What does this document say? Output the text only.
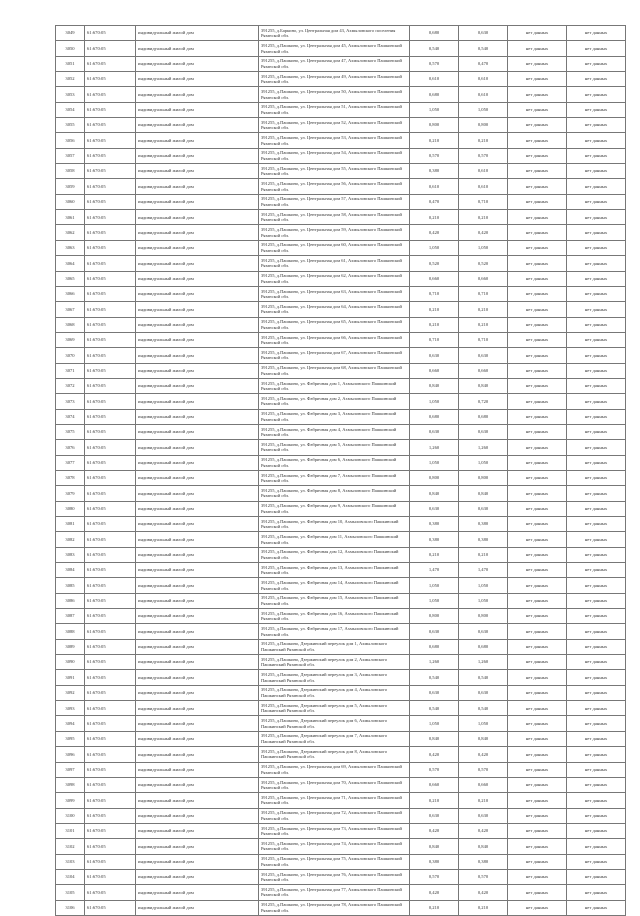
3049	61:670:05	индивидуальный жилой дом	391255, д.Баркино, ул. Центральная дом 43, Ахмыловского поселения Рязанской обл.	0,680	0,630	нет данных	нет данных
3050	61:670:05	индивидуальный жилой дом	391255, д.Пашкино, ул. Центральная дом 45, Ахмыловского Пашкинский Рязанской обл.	0,540	0,540	нет данных	нет данных
3051	61:670:05	индивидуальный жилой дом	391255, д.Пашкино, ул. Центральная дом 47, Ахмыловского Пашкинский Рязанской обл.	0,570	0,470	нет данных	нет данных
3052	61:670:05	индивидуальный жилой дом	391255, д.Пашкино, ул. Центральная дом 49, Ахмыловского Пашкинский Рязанской обл.	0,610	0,610	нет данных	нет данных
3053	61:670:05	индивидуальный жилой дом	391255, д.Пашкино, ул. Центральная дом 50, Ахмыловского Пашкинский Рязанской обл.	0,680	0,610	нет данных	нет данных
3054	61:670:05	индивидуальный жилой дом	391255, д.Пашкино, ул. Центральная дом 51, Ахмыловского Пашкинский Рязанской обл.	1,050	1,050	нет данных	нет данных
3055	61:670:05	индивидуальный жилой дом	391255, д.Пашкино, ул. Центральная дом 52, Ахмыловского Пашкинский Рязанской обл.	0,800	0,800	нет данных	нет данных
3056	61:670:05	индивидуальный жилой дом	391255, д.Пашкино, ул. Центральная дом 53, Ахмыловского Пашкинский Рязанской обл.	0,210	0,210	нет данных	нет данных
3057	61:670:05	индивидуальный жилой дом	391255, д.Пашкино, ул. Центральная дом 54, Ахмыловского Пашкинский Рязанской обл.	0,570	0,570	нет данных	нет данных
3058	61:670:05	индивидуальный жилой дом	391255, д.Пашкино, ул. Центральная дом 55, Ахмыловского Пашкинский Рязанской обл.	0,380	0,610	нет данных	нет данных
3059	61:670:05	индивидуальный жилой дом	391255, д.Пашкино, ул. Центральная дом 56, Ахмыловского Пашкинский Рязанской обл.	0,610	0,610	нет данных	нет данных
3060	61:670:05	индивидуальный жилой дом	391255, д.Пашкино, ул. Центральная дом 57, Ахмыловского Пашкинский Рязанской обл.	0,470	0,710	нет данных	нет данных
3061	61:670:05	индивидуальный жилой дом	391255, д.Пашкино, ул. Центральная дом 58, Ахмыловского Пашкинский Рязанской обл.	0,210	0,210	нет данных	нет данных
3062	61:670:05	индивидуальный жилой дом	391255, д.Пашкино, ул. Центральная дом 59, Ахмыловского Пашкинский Рязанской обл.	0,420	0,420	нет данных	нет данных
3063	61:670:05	индивидуальный жилой дом	391255, д.Пашкино, ул. Центральная дом 60, Ахмыловского Пашкинский Рязанской обл.	1,050	1,050	нет данных	нет данных
3064	61:670:05	индивидуальный жилой дом	391255, д.Пашкино, ул. Центральная дом 61, Ахмыловского Пашкинский Рязанской обл.	0,520	0,520	нет данных	нет данных
3065	61:670:05	индивидуальный жилой дом	391255, д.Пашкино, ул. Центральная дом 62, Ахмыловского Пашкинский Рязанской обл.	0,660	0,660	нет данных	нет данных
3066	61:670:05	индивидуальный жилой дом	391255, д.Пашкино, ул. Центральная дом 63, Ахмыловского Пашкинский Рязанской обл.	0,710	0,710	нет данных	нет данных
3067	61:670:05	индивидуальный жилой дом	391255, д.Пашкино, ул. Центральная дом 64, Ахмыловского Пашкинский Рязанской обл.	0,210	0,210	нет данных	нет данных
3068	61:670:05	индивидуальный жилой дом	391255, д.Пашкино, ул. Центральная дом 65, Ахмыловского Пашкинский Рязанской обл.	0,210	0,210	нет данных	нет данных
3069	61:670:05	индивидуальный жилой дом	391255, д.Пашкино, ул. Центральная дом 66, Ахмыловского Пашкинский Рязанской обл.	0,710	0,710	нет данных	нет данных
3070	61:670:05	индивидуальный жилой дом	391255, д.Пашкино, ул. Центральная дом 67, Ахмыловского Пашкинский Рязанской обл.	0,630	0,630	нет данных	нет данных
3071	61:670:05	индивидуальный жилой дом	391255, д.Пашкино, ул. Центральная дом 68, Ахмыловского Пашкинский Рязанской обл.	0,660	0,660	нет данных	нет данных
3072	61:670:05	индивидуальный жилой дом	391255, д.Пашкино, ул. Фабричная дом 1, Ахмыловского Пашкинский Рязанской обл.	0,840	0,840	нет данных	нет данных
3073	61:670:05	индивидуальный жилой дом	391255, д.Пашкино, ул. Фабричная дом 2, Ахмыловского Пашкинский Рязанской обл.	1,050	0,720	нет данных	нет данных
3074	61:670:05	индивидуальный жилой дом	391255, д.Пашкино, ул. Фабричная дом 3, Ахмыловского Пашкинский Рязанской обл.	0,680	0,680	нет данных	нет данных
3075	61:670:05	индивидуальный жилой дом	391255, д.Пашкино, ул. Фабричная дом 4, Ахмыловского Пашкинский Рязанской обл.	0,630	0,630	нет данных	нет данных
3076	61:670:05	индивидуальный жилой дом	391255, д.Пашкино, ул. Фабричная дом 5, Ахмыловского Пашкинский Рязанской обл.	1,260	1,260	нет данных	нет данных
3077	61:670:05	индивидуальный жилой дом	391255, д.Пашкино, ул. Фабричная дом 6, Ахмыловского Пашкинский Рязанской обл.	1,050	1,050	нет данных	нет данных
3078	61:670:05	индивидуальный жилой дом	391255, д.Пашкино, ул. Фабричная дом 7, Ахмыловского Пашкинский Рязанской обл.	0,800	0,800	нет данных	нет данных
3079	61:670:05	индивидуальный жилой дом	391255, д.Пашкино, ул. Фабричная дом 8, Ахмыловского Пашкинский Рязанской обл.	0,840	0,840	нет данных	нет данных
3080	61:670:05	индивидуальный жилой дом	391255, д.Пашкино, ул. Фабричная дом 9, Ахмыловского Пашкинский Рязанской обл.	0,630	0,630	нет данных	нет данных
3081	61:670:05	индивидуальный жилой дом	391255, д.Пашкино, ул. Фабричная дом 10, Ахмыловского Пашкинский Рязанской обл.	0,380	0,380	нет данных	нет данных
3082	61:670:05	индивидуальный жилой дом	391255, д.Пашкино, ул. Фабричная дом 11, Ахмыловского Пашкинский Рязанской обл.	0,380	0,380	нет данных	нет данных
3083	61:670:05	индивидуальный жилой дом	391255, д.Пашкино, ул. Фабричная дом 12, Ахмыловского Пашкинский Рязанской обл.	0,210	0,210	нет данных	нет данных
3084	61:670:05	индивидуальный жилой дом	391255, д.Пашкино, ул. Фабричная дом 13, Ахмыловского Пашкинский Рязанской обл.	1,470	1,470	нет данных	нет данных
3085	61:670:05	индивидуальный жилой дом	391255, д.Пашкино, ул. Фабричная дом 14, Ахмыловского Пашкинский Рязанской обл.	1,050	1,050	нет данных	нет данных
3086	61:670:05	индивидуальный жилой дом	391255, д.Пашкино, ул. Фабричная дом 15, Ахмыловского Пашкинский Рязанской обл.	1,050	1,050	нет данных	нет данных
3087	61:670:05	индивидуальный жилой дом	391255, д.Пашкино, ул. Фабричная дом 16, Ахмыловского Пашкинский Рязанской обл.	0,800	0,800	нет данных	нет данных
3088	61:670:05	индивидуальный жилой дом	391255, д.Пашкино, ул. Фабричная дом 17, Ахмыловского Пашкинский Рязанской обл.	0,630	0,630	нет данных	нет данных
3089	61:670:05	индивидуальный жилой дом	391255, д.Пашкино, Дзержинский переулок дом 1, Ахмыловского Пашкинский Рязанской обл.	0,680	0,680	нет данных	нет данных
3090	61:670:05	индивидуальный жилой дом	391255, д.Пашкино, Дзержинский переулок дом 2, Ахмыловского Пашкинский Рязанской обл.	1,260	1,260	нет данных	нет данных
3091	61:670:05	индивидуальный жилой дом	391255, д.Пашкино, Дзержинский переулок дом 3, Ахмыловского Пашкинский Рязанской обл.	0,540	0,540	нет данных	нет данных
3092	61:670:05	индивидуальный жилой дом	391255, д.Пашкино, Дзержинский переулок дом 4, Ахмыловского Пашкинский Рязанской обл.	0,630	0,630	нет данных	нет данных
3093	61:670:05	индивидуальный жилой дом	391255, д.Пашкино, Дзержинский переулок дом 5, Ахмыловского Пашкинский Рязанской обл.	0,540	0,540	нет данных	нет данных
3094	61:670:05	индивидуальный жилой дом	391255, д.Пашкино, Дзержинский переулок дом 6, Ахмыловского Пашкинский Рязанской обл.	1,050	1,050	нет данных	нет данных
3095	61:670:05	индивидуальный жилой дом	391255, д.Пашкино, Дзержинский переулок дом 7, Ахмыловского Пашкинский Рязанской обл.	0,840	0,840	нет данных	нет данных
3096	61:670:05	индивидуальный жилой дом	391255, д.Пашкино, Дзержинский переулок дом 8, Ахмыловского Пашкинский Рязанской обл.	0,420	0,420	нет данных	нет данных
3097	61:670:05	индивидуальный жилой дом	391255, д.Пашкино, ул. Центральная дом 69, Ахмыловского Пашкинский Рязанской обл.	0,570	0,570	нет данных	нет данных
3098	61:670:05	индивидуальный жилой дом	391255, д.Пашкино, ул. Центральная дом 70, Ахмыловского Пашкинский Рязанской обл.	0,660	0,660	нет данных	нет данных
3099	61:670:05	индивидуальный жилой дом	391255, д.Пашкино, ул. Центральная дом 71, Ахмыловского Пашкинский Рязанской обл.	0,210	0,210	нет данных	нет данных
3100	61:670:05	индивидуальный жилой дом	391255, д.Пашкино, ул. Центральная дом 72, Ахмыловского Пашкинский Рязанской обл.	0,630	0,630	нет данных	нет данных
3101	61:670:05	индивидуальный жилой дом	391255, д.Пашкино, ул. Центральная дом 73, Ахмыловского Пашкинский Рязанской обл.	0,420	0,420	нет данных	нет данных
3102	61:670:05	индивидуальный жилой дом	391255, д.Пашкино, ул. Центральная дом 74, Ахмыловского Пашкинский Рязанской обл.	0,840	0,840	нет данных	нет данных
3103	61:670:05	индивидуальный жилой дом	391255, д.Пашкино, ул. Центральная дом 75, Ахмыловского Пашкинский Рязанской обл.	0,380	0,380	нет данных	нет данных
3104	61:670:05	индивидуальный жилой дом	391255, д.Пашкино, ул. Центральная дом 76, Ахмыловского Пашкинский Рязанской обл.	0,570	0,570	нет данных	нет данных
3105	61:670:05	индивидуальный жилой дом	391255, д.Пашкино, ул. Центральная дом 77, Ахмыловского Пашкинский Рязанской обл.	0,420	0,420	нет данных	нет данных
3106	61:670:05	индивидуальный жилой дом	391255, д.Пашкино, ул. Центральная дом 78, Ахмыловского Пашкинский Рязанской обл.	0,210	0,210	нет данных	нет данных
